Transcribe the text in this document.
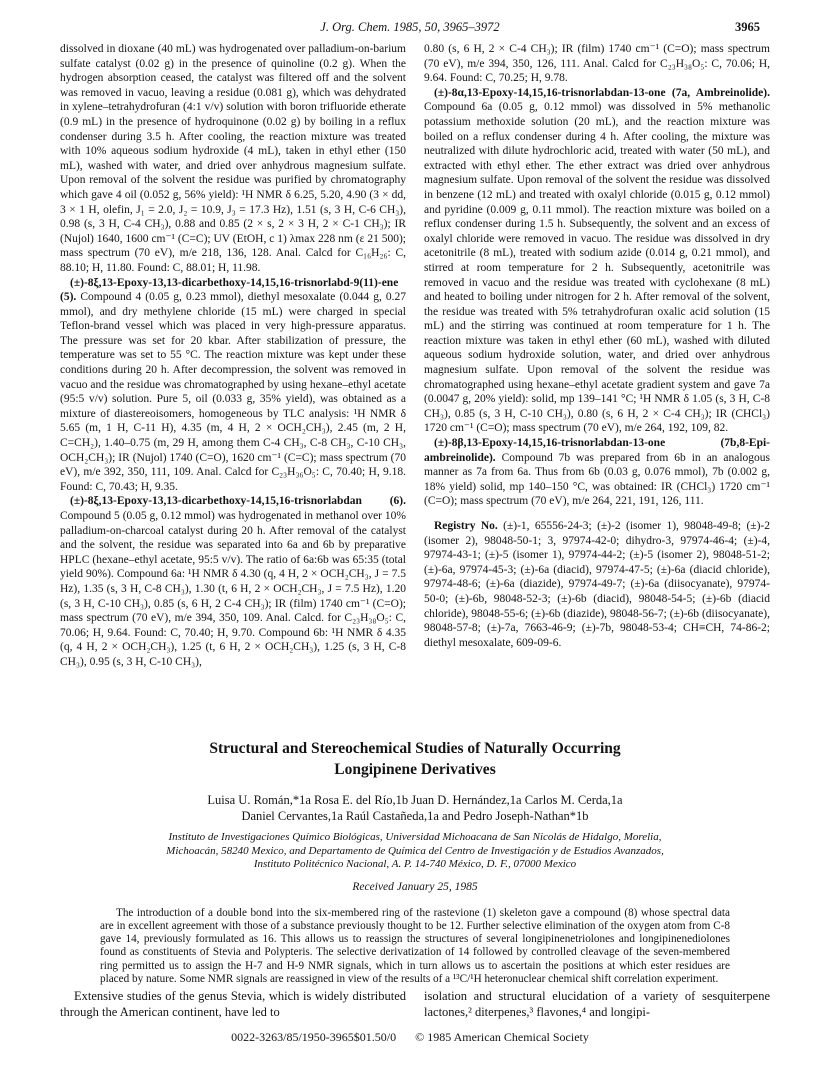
J. Org. Chem. 1985, 50, 3965–3972	3965

dissolved in dioxane (40 mL) was hydrogenated over palladium-on-barium sulfate catalyst (0.02 g) in the presence of quinoline (0.2 g). When the hydrogen absorption ceased, the catalyst was filtered off and the solvent was removed in vacuo, leaving a residue (0.081 g), which was dehydrated in xylene–tetrahydrofuran (4:1 v/v) solution with boron trifluoride etherate (0.9 mL) in the presence of hydroquinone (0.02 g) by boiling in a reflux condenser during 3.5 h. After cooling, the reaction mixture was treated with 10% aqueous sodium hydroxide (4 mL), taken in ethyl ether (150 mL), washed with water, and dried over anhydrous magnesium sulfate. Upon removal of the solvent the residue was purified by chromatography which gave 4 oil (0.052 g, 56% yield): ¹H NMR δ 6.25, 5.20, 4.90 (3 × dd, 3 × 1 H, olefin, J₁ = 2.0, J₂ = 10.9, J₃ = 17.3 Hz), 1.51 (s, 3 H, C-6 CH₃), 0.98 (s, 3 H, C-4 CH₃), 0.88 and 0.85 (2 × s, 2 × 3 H, 2 × C-1 CH₃); IR (Nujol) 1640, 1600 cm⁻¹ (C=C); UV (EtOH, c 1) λmax 228 nm (ε 21 500); mass spectrum (70 eV), m/e 218, 136, 128. Anal. Calcd for C₁₆H₂₆: C, 88.10; H, 11.80. Found: C, 88.01; H, 11.98.

(±)-8ξ,13-Epoxy-13,13-dicarbethoxy-14,15,16-trisnorlabd-9(11)-ene (5). Compound 4 (0.05 g, 0.23 mmol), diethyl mesoxalate (0.044 g, 0.27 mmol), and dry methylene chloride (15 mL) were charged in special Teflon-brand vessel which was placed in very high-pressure apparatus. The pressure was set for 20 kbar. After stabilization of pressure, the temperature was set to 55 °C. The reaction mixture was kept under these conditions during 20 h. After decompression, the solvent was removed in vacuo and the residue was chromatographed by using hexane–ethyl acetate (95:5 v/v) solution. Pure 5, oil (0.033 g, 35% yield), was obtained as a mixture of diastereoisomers, homogeneous by TLC analysis: ¹H NMR δ 5.65 (m, 1 H, C-11 H), 4.35 (m, 4 H, 2 × OCH₂CH₃), 2.45 (m, 2 H, C=CH₂), 1.40–0.75 (m, 29 H, among them C-4 CH₃, C-8 CH₃, C-10 CH₃, OCH₂CH₃); IR (Nujol) 1740 (C=O), 1620 cm⁻¹ (C=C); mass spectrum (70 eV), m/e 392, 350, 111, 109. Anal. Calcd for C₂₃H₃₆O₅: C, 70.40; H, 9.18. Found: C, 70.43; H, 9.35.

(±)-8ξ,13-Epoxy-13,13-dicarbethoxy-14,15,16-trisnorlabdan (6). Compound 5 (0.05 g, 0.12 mmol) was hydrogenated in methanol over 10% palladium-on-charcoal catalyst during 20 h. After removal of the catalyst and the solvent, the residue was separated into 6a and 6b by preparative HPLC (hexane–ethyl acetate, 95:5 v/v). The ratio of 6a:6b was 65:35 (total yield 90%). Compound 6a: ¹H NMR δ 4.30 (q, 4 H, 2 × OCH₂CH₃, J = 7.5 Hz), 1.35 (s, 3 H, C-8 CH₃), 1.30 (t, 6 H, 2 × OCH₂CH₃, J = 7.5 Hz), 1.20 (s, 3 H, C-10 CH₃), 0.85 (s, 6 H, 2 C-4 CH₃); IR (film) 1740 cm⁻¹ (C=O); mass spectrum (70 eV), m/e 394, 350, 109. Anal. Calcd. for C₂₃H₃₈O₅: C, 70.06; H, 9.64. Found: C, 70.40; H, 9.70. Compound 6b: ¹H NMR δ 4.35 (q, 4 H, 2 × OCH₂CH₃), 1.25 (t, 6 H, 2 × OCH₂CH₃), 1.25 (s, 3 H, C-8 CH₃), 0.95 (s, 3 H, C-10 CH₃),

0.80 (s, 6 H, 2 × C-4 CH₃); IR (film) 1740 cm⁻¹ (C=O); mass spectrum (70 eV), m/e 394, 350, 126, 111. Anal. Calcd for C₂₃H₃₈O₅: C, 70.06; H, 9.64. Found: C, 70.25; H, 9.78.

(±)-8α,13-Epoxy-14,15,16-trisnorlabdan-13-one (7a, Ambreinolide). Compound 6a (0.05 g, 0.12 mmol) was dissolved in 5% methanolic potassium methoxide solution (20 mL), and the reaction mixture was boiled on a reflux condenser during 4 h. After cooling, the mixture was neutralized with dilute hydrochloric acid, treated with water (50 mL), and extracted with ethyl ether. The ether extract was dried over anhydrous magnesium sulfate. Upon removal of the solvent the residue was dissolved in benzene (12 mL) and treated with oxalyl chloride (0.015 g, 0.12 mmol) and pyridine (0.009 g, 0.11 mmol). The reaction mixture was boiled on a reflux condenser during 1.5 h. Subsequently, the solvent and an excess of oxalyl chloride were removed in vacuo. The residue was dissolved in dry acetonitrile (8 mL), treated with sodium azide (0.014 g, 0.21 mmol), and stirred at room temperature for 2 h. Subsequently, acetonitrile was removed in vacuo and the residue was treated with cyclohexane (8 mL) and heated to boiling under nitrogen for 2 h. After removal of the solvent, the residue was treated with 5% tetrahydrofuran oxalic acid solution (15 mL) and the stirring was continued at room temperature for 1 h. The reaction mixture was taken in ethyl ether (60 mL), washed with diluted aqueous sodium hydroxide solution, water, and dried over anhydrous magnesium sulfate. Upon removal of the solvent the residue was chromatographed using hexane–ethyl acetate gradient system and gave 7a (0.0047 g, 20% yield): solid, mp 139–141 °C; ¹H NMR δ 1.05 (s, 3 H, C-8 CH₃), 0.85 (s, 3 H, C-10 CH₃), 0.80 (s, 6 H, 2 × C-4 CH₃); IR (CHCl₃) 1720 cm⁻¹ (C=O); mass spectrum (70 eV), m/e 264, 192, 109, 82.

(±)-8β,13-Epoxy-14,15,16-trisnorlabdan-13-one (7b,8-Epi-ambreinolide). Compound 7b was prepared from 6b in an analogous manner as 7a from 6a. Thus from 6b (0.03 g, 0.076 mmol), 7b (0.002 g, 18% yield) solid, mp 140–150 °C, was obtained: IR (CHCl₃) 1720 cm⁻¹ (C=O); mass spectrum (70 eV), m/e 264, 221, 191, 126, 111.

Registry No. (±)-1, 65556-24-3; (±)-2 (isomer 1), 98048-49-8; (±)-2 (isomer 2), 98048-50-1; 3, 97974-42-0; dihydro-3, 97974-46-4; (±)-4, 97974-43-1; (±)-5 (isomer 1), 97974-44-2; (±)-5 (isomer 2), 98048-51-2; (±)-6a, 97974-45-3; (±)-6a (diacid), 97974-47-5; (±)-6a (diacid chloride), 97974-48-6; (±)-6a (diazide), 97974-49-7; (±)-6a (diisocyanate), 97974-50-0; (±)-6b, 98048-52-3; (±)-6b (diacid), 98048-54-5; (±)-6b (diacid chloride), 98048-55-6; (±)-6b (diazide), 98048-56-7; (±)-6b (diisocyanate), 98048-57-8; (±)-7a, 7663-46-9; (±)-7b, 98048-53-4; CH≡CH, 74-86-2; diethyl mesoxalate, 609-09-6.

Structural and Stereochemical Studies of Naturally Occurring
Longipinene Derivatives
Luisa U. Román,*1a Rosa E. del Río,1b Juan D. Hernández,1a Carlos M. Cerda,1a
Daniel Cervantes,1a Raúl Castañeda,1a and Pedro Joseph-Nathan*1b
Instituto de Investigaciones Químico Biológicas, Universidad Michoacana de San Nicolás de Hidalgo, Morelia,
Michoacán, 58240 Mexico, and Departamento de Química del Centro de Investigación y de Estudios Avanzados,
Instituto Politécnico Nacional, A. P. 14-740 México, D. F., 07000 Mexico
Received January 25, 1985
The introduction of a double bond into the six-membered ring of the rastevione (1) skeleton gave a compound (8) whose spectral data are in excellent agreement with those of a substance previously thought to be 12. Further selective elimination of the oxygen atom from C-8 gave 14, previously formulated as 16. This allows us to reassign the structures of several longipinenetriolones and longipinenediolones found as constituents of Stevia and Polypteris. The selective derivatization of 14 followed by controlled cleavage of the seven-membered ring permitted us to assign the H-7 and H-9 NMR signals, which in turn allows us to ascertain the positions at which ester residues are placed by nature. Some NMR signals are reassigned in view of the results of a ¹³C/¹H heteronuclear chemical shift correlation experiment.
Extensive studies of the genus Stevia, which is widely distributed through the American continent, have led to
isolation and structural elucidation of a variety of sesquiterpene lactones,² diterpenes,³ flavones,⁴ and longipi-
0022-3263/85/1950-3965$01.50/0 © 1985 American Chemical Society
